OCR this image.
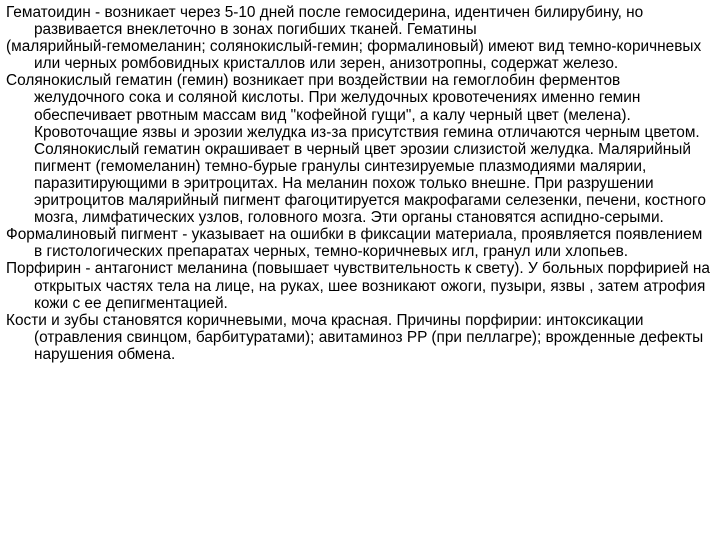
Гематоидин - возникает через 5-10 дней после гемосидерина, идентичен билирубину, но развивается внеклеточно в зонах погибших тканей. Гематины

(малярийный-гемомеланин; солянокислый-гемин; формалиновый) имеют вид темно-коричневых или черных ромбовидных кристаллов или зерен, анизотропны, содержат железо.

Солянокислый гематин (гемин) возникает при воздействии на гемоглобин ферментов желудочного сока и соляной кислоты. При желудочных кровотечениях именно гемин обеспечивает рвотным массам вид "кофейной гущи", а калу черный цвет (мелена). Кровоточащие язвы и эрозии желудка из-за присутствия гемина отличаются черным цветом. Солянокислый гематин окрашивает в черный цвет эрозии слизистой желудка. Малярийный пигмент (гемомеланин) темно-бурые гранулы синтезируемые плазмодиями малярии, паразитирующими в эритроцитах. На меланин похож только внешне. При разрушении эритроцитов малярийный пигмент фагоцитируется макрофагами селезенки, печени, костного мозга, лимфатических узлов, головного мозга. Эти органы становятся аспидно-серыми.

Формалиновый пигмент - указывает на ошибки в фиксации материала, проявляется появлением в гистологических препаратах черных, темно-коричневых игл, гранул или хлопьев.

Порфирин - антагонист меланина (повышает чувствительность к свету). У больных порфирией на открытых частях тела на лице, на руках, шее возникают ожоги, пузыри, язвы , затем атрофия кожи с ее депигментацией.

Кости и зубы становятся коричневыми, моча красная. Причины порфирии: интоксикации (отравления свинцом, барбитуратами); авитаминоз PP (при пеллагре); врожденные дефекты нарушения обмена.
